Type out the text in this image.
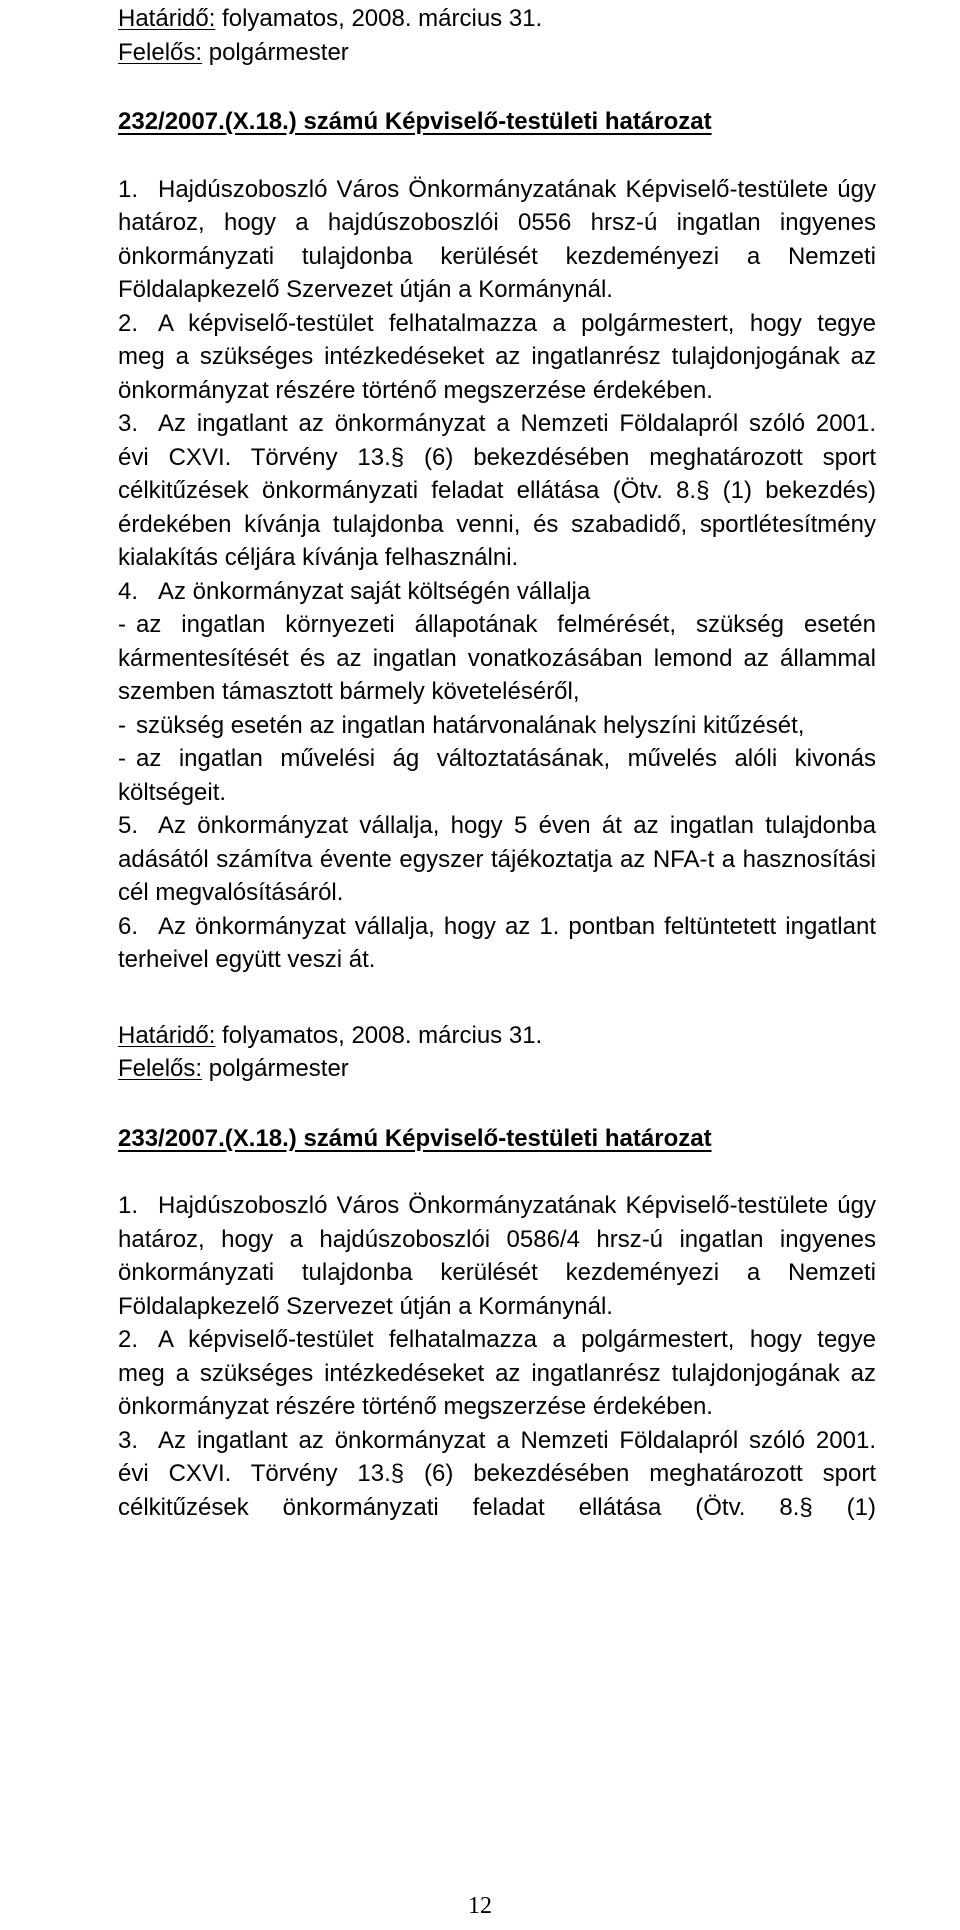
Határidő: folyamatos, 2008. március 31.

Felelős: polgármester

232/2007.(X.18.) számú Képviselő-testületi határozat

1. Hajdúszoboszló Város Önkormányzatának Képviselő-testülete úgy határoz, hogy a hajdúszoboszlói 0556 hrsz-ú ingatlan ingyenes önkormányzati tulajdonba kerülését kezdeményezi a Nemzeti Földalapkezelő Szervezet útján a Kormánynál.

2. A képviselő-testület felhatalmazza a polgármestert, hogy tegye meg a szükséges intézkedéseket az ingatlanrész tulajdonjogának az önkormányzat részére történő megszerzése érdekében.

3. Az ingatlant az önkormányzat a Nemzeti Földalapról szóló 2001. évi CXVI. Törvény 13.§ (6) bekezdésében meghatározott sport célkitűzések önkormányzati feladat ellátása (Ötv. 8.§ (1) bekezdés) érdekében kívánja tulajdonba venni, és szabadidő, sportlétesítmény kialakítás céljára kívánja felhasználni.

4. Az önkormányzat saját költségén vállalja

- az ingatlan környezeti állapotának felmérését, szükség esetén kármentesítését és az ingatlan vonatkozásában lemond az állammal szemben támasztott bármely követeléséről,

- szükség esetén az ingatlan határvonalának helyszíni kitűzését,

- az ingatlan művelési ág változtatásának, művelés alóli kivonás költségeit.

5. Az önkormányzat vállalja, hogy 5 éven át az ingatlan tulajdonba adásától számítva évente egyszer tájékoztatja az NFA-t a hasznosítási cél megvalósításáról.

6. Az önkormányzat vállalja, hogy az 1. pontban feltüntetett ingatlant terheivel együtt veszi át.

Határidő: folyamatos, 2008. március 31.

Felelős: polgármester

233/2007.(X.18.) számú Képviselő-testületi határozat

1. Hajdúszoboszló Város Önkormányzatának Képviselő-testülete úgy határoz, hogy a hajdúszoboszlói 0586/4 hrsz-ú ingatlan ingyenes önkormányzati tulajdonba kerülését kezdeményezi a Nemzeti Földalapkezelő Szervezet útján a Kormánynál.

2. A képviselő-testület felhatalmazza a polgármestert, hogy tegye meg a szükséges intézkedéseket az ingatlanrész tulajdonjogának az önkormányzat részére történő megszerzése érdekében.

3. Az ingatlant az önkormányzat a Nemzeti Földalapról szóló 2001. évi CXVI. Törvény 13.§ (6) bekezdésében meghatározott sport célkitűzések önkormányzati feladat ellátása (Ötv. 8.§ (1)

12
